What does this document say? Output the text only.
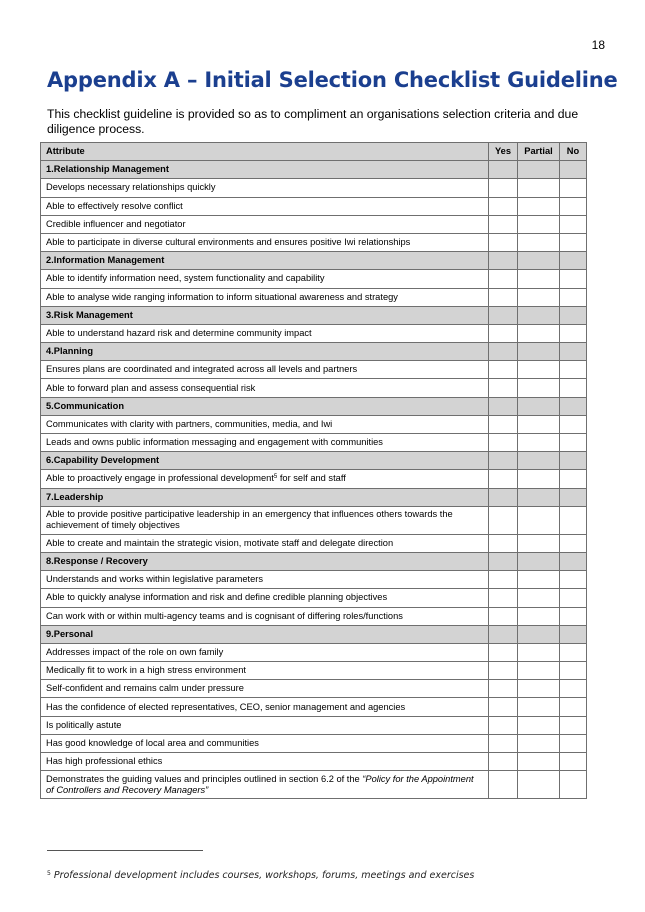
18
Appendix A – Initial Selection Checklist Guideline

This checklist guideline is provided so as to compliment an organisations selection criteria and due diligence process.

Attribute	Yes	Partial	No
1.Relationship Management			
Develops necessary relationships quickly			
Able to effectively resolve conflict			
Credible influencer and negotiator			
Able to participate in diverse cultural environments and ensures positive Iwi relationships			
2.Information Management			
Able to identify information need, system functionality and capability			
Able to analyse wide ranging information to inform situational awareness and strategy			
3.Risk Management			
Able to understand hazard risk and determine community impact			
4.Planning			
Ensures plans are coordinated and integrated across all levels and partners			
Able to forward plan and assess consequential risk			
5.Communication			
Communicates with clarity with partners, communities, media, and Iwi			
Leads and owns public information messaging and engagement with communities			
6.Capability Development			
Able to proactively engage in professional development$^5$ for self and staff			
7.Leadership			
Able to provide positive participative leadership in an emergency that influences others towards the achievement of timely objectives			
Able to create and maintain the strategic vision, motivate staff and delegate direction			
8.Response / Recovery			
Understands and works within legislative parameters			
Able to quickly analyse information and risk and define credible planning objectives			
Can work with or within multi-agency teams and is cognisant of differing roles/functions			
9.Personal			
Addresses impact of the role on own family			
Medically fit to work in a high stress environment			
Self-confident and remains calm under pressure			
Has the confidence of elected representatives, CEO, senior management and agencies			
Is politically astute			
Has good knowledge of local area and communities			
Has high professional ethics			
Demonstrates the guiding values and principles outlined in section 6.2 of the “Policy for the Appointment of Controllers and Recovery Managers”			
$^5$ Professional development includes courses, workshops, forums, meetings and exercises
